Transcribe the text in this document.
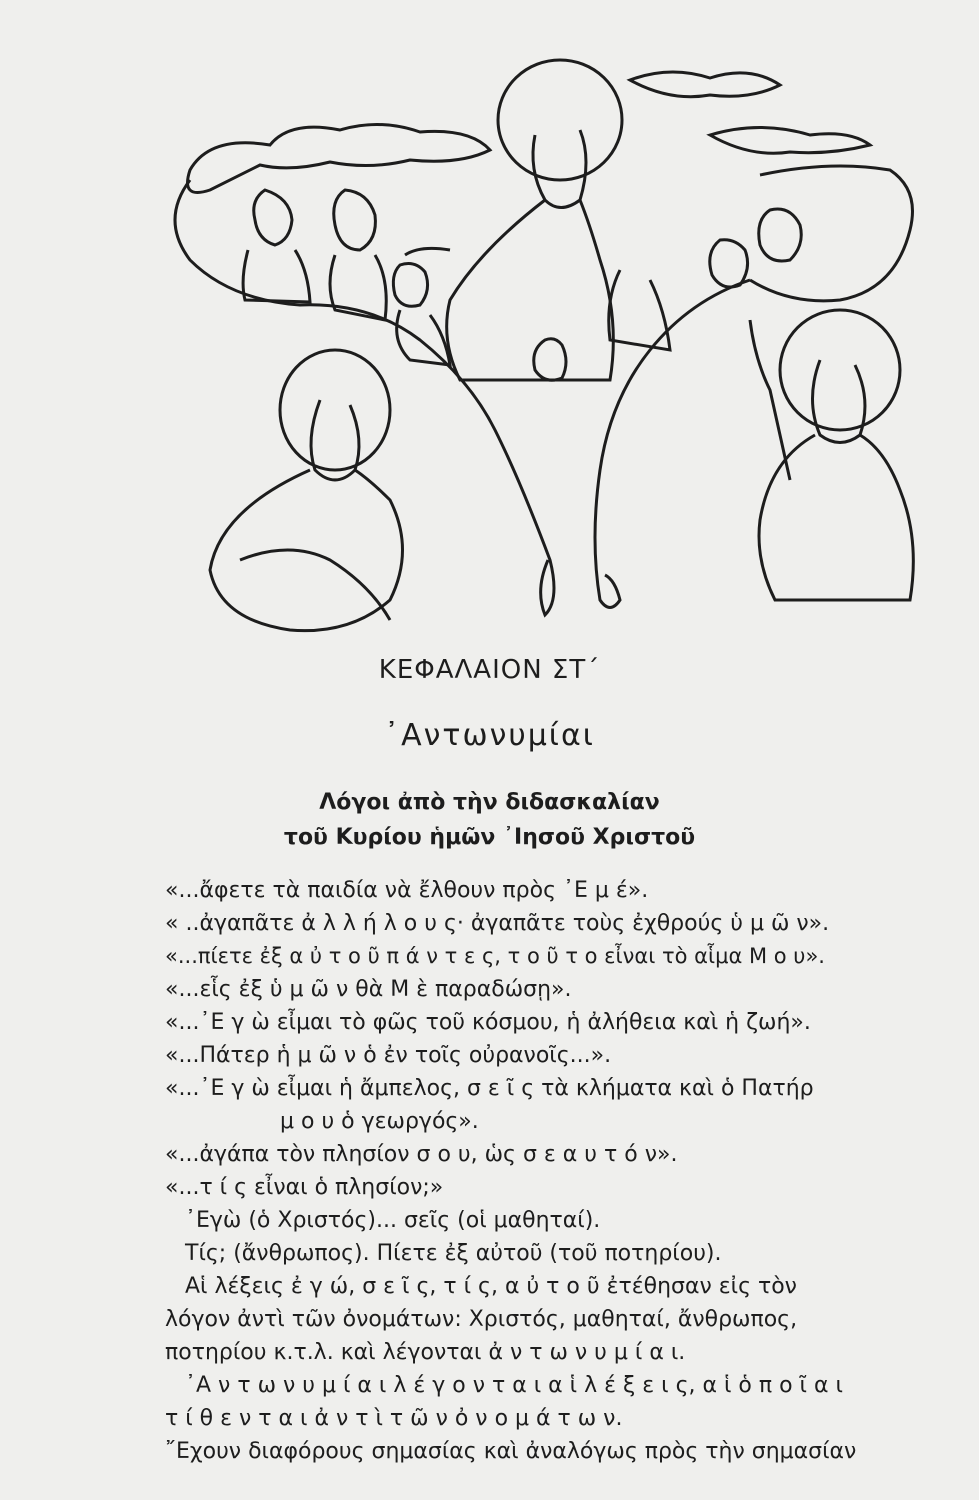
ΚΕΦΑΛΑΙΟΝ ΣΤ΄
᾽Αντωνυμίαι
Λόγοι ἀπὸ τὴν διδασκαλίαν
τοῦ Κυρίου ἡμῶν ᾽Ιησοῦ Χριστοῦ
«...ἄφετε τὰ παιδία νὰ ἔλθουν πρὸς ᾽Ε μ έ».
« ..ἀγαπᾶτε ἀ λ λ ή λ ο υ ς· ἀγαπᾶτε τοὺς ἐχθρούς ὑ μ ῶ ν».
«...πίετε ἐξ α ὐ τ ο ῦ π ά ν τ ε ς, τ ο ῦ τ ο εἶναι τὸ αἷμα Μ ο υ».
«...εἷς ἐξ ὑ μ ῶ ν θὰ Μ ὲ παραδώσῃ».
«...᾽Ε γ ὼ εἶμαι τὸ φῶς τοῦ κόσμου, ἡ ἀλήθεια καὶ ἡ ζωή».
«...Πάτερ ἡ μ ῶ ν ὁ ἐν τοῖς οὐρανοῖς...».
«...᾽Ε γ ὼ εἶμαι ἡ ἄμπελος, σ ε ῖ ς τὰ κλήματα καὶ ὁ Πατήρ
μ ο υ ὁ γεωργός».
«...ἀγάπα τὸν πλησίον σ ο υ, ὡς σ ε α υ τ ό ν».
«...τ ί ς εἶναι ὁ πλησίον;»
᾽Εγὼ (ὁ Χριστός)... σεῖς (οἱ μαθηταί).
Τίς; (ἄνθρωπος). Πίετε ἐξ αὐτοῦ (τοῦ ποτηρίου).
Αἱ λέξεις ἐ γ ώ, σ ε ῖ ς, τ ί ς, α ὐ τ ο ῦ ἐτέθησαν εἰς τὸν
λόγον ἀντὶ τῶν ὀνομάτων: Χριστός, μαθηταί, ἄνθρωπος,
ποτηρίου κ.τ.λ. καὶ λέγονται ἀ ν τ ω ν υ μ ί α ι.
᾽Α ν τ ω ν υ μ ί α ι λ έ γ ο ν τ α ι α ἱ λ έ ξ ε ι ς, α ἱ ὁ π ο ῖ α ι
τ ί θ ε ν τ α ι ἀ ν τ ὶ τ ῶ ν ὀ ν ο μ ά τ ω ν.
῎Εχουν διαφόρους σημασίας καὶ ἀναλόγως πρὸς τὴν σημασίαν
